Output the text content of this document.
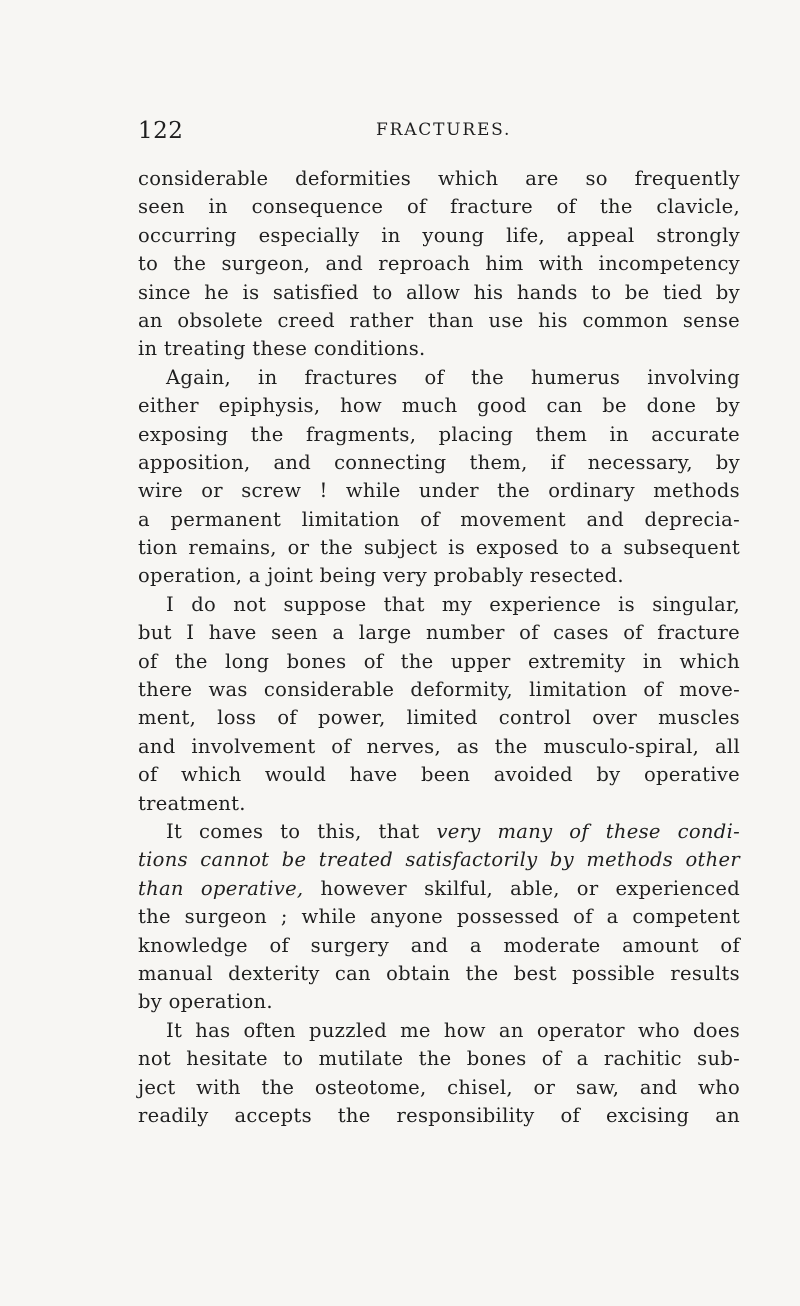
122	FRACTURES.
considerable deformities which are so frequently
seen in consequence of fracture of the clavicle,
occurring especially in young life, appeal strongly
to the surgeon, and reproach him with incompetency
since he is satisfied to allow his hands to be tied by
an obsolete creed rather than use his common sense
in treating these conditions.
Again, in fractures of the humerus involving
either epiphysis, how much good can be done by
exposing the fragments, placing them in accurate
apposition, and connecting them, if necessary, by
wire or screw ! while under the ordinary methods
a permanent limitation of movement and deprecia-
tion remains, or the subject is exposed to a subsequent
operation, a joint being very probably resected.
I do not suppose that my experience is singular,
but I have seen a large number of cases of fracture
of the long bones of the upper extremity in which
there was considerable deformity, limitation of move-
ment, loss of power, limited control over muscles
and involvement of nerves, as the musculo-spiral, all
of which would have been avoided by operative
treatment.
It comes to this, that very many of these condi-
tions cannot be treated satisfactorily by methods other
than operative, however skilful, able, or experienced
the surgeon ; while anyone possessed of a competent
knowledge of surgery and a moderate amount of
manual dexterity can obtain the best possible results
by operation.
It has often puzzled me how an operator who does
not hesitate to mutilate the bones of a rachitic sub-
ject with the osteotome, chisel, or saw, and who
readily accepts the responsibility of excising an
